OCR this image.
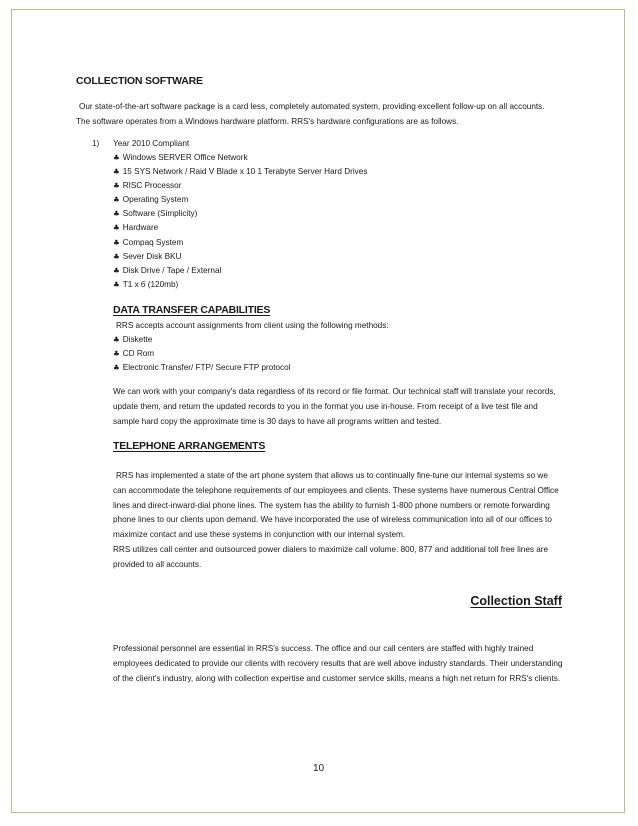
COLLECTION SOFTWARE
Our state-of-the-art software package is a card less, completely automated system, providing excellent follow-up on all accounts. The software operates from a Windows hardware platform. RRS's hardware configurations are as follows.
1) Year 2010 Compliant
♣ Windows SERVER Office Network
♣ 15 SYS Network / Raid V Blade x 10 1 Terabyte Server Hard Drives
♣ RISC Processor
♣ Operating System
♣ Software (Simplicity)
♣ Hardware
♣ Compaq System
♣ Sever Disk BKU
♣ Disk Drive / Tape / External
♣ T1 x 6 (120mb)
DATA TRANSFER CAPABILITIES
RRS accepts account assignments from client using the following methods:
♣ Diskette
♣ CD Rom
♣ Electronic Transfer/ FTP/ Secure FTP protocol

We can work with your company's data regardless of its record or file format. Our technical staff will translate your records, update them, and return the updated records to you in the format you use in-house. From receipt of a live test file and sample hard copy the approximate time is 30 days to have all programs written and tested.

TELEPHONE ARRANGEMENTS

RRS has implemented a state of the art phone system that allows us to continually fine-tune our internal systems so we can accommodate the telephone requirements of our employees and clients. These systems have numerous Central Office lines and direct-inward-dial phone lines. The system has the ability to furnish 1-800 phone numbers or remote forwarding phone lines to our clients upon demand. We have incorporated the use of wireless communication into all of our offices to maximize contact and use these systems in conjunction with our internal system.

RRS utilizes call center and outsourced power dialers to maximize call volume. 800, 877 and additional toll free lines are provided to all accounts.

Collection Staff

Professional personnel are essential in RRS's success. The office and our call centers are staffed with highly trained employees dedicated to provide our clients with recovery results that are well above industry standards. Their understanding of the client's industry, along with collection expertise and customer service skills, means a high net return for RRS's clients.

10
